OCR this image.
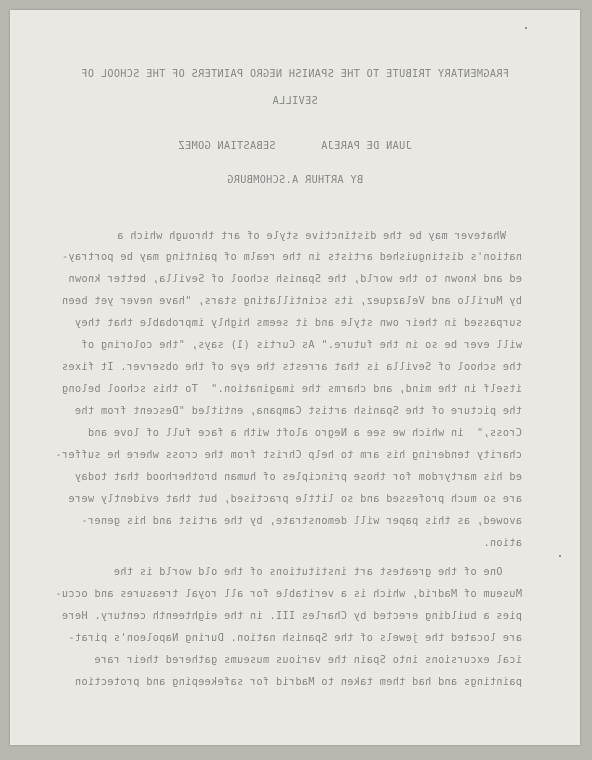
FRAGMENTARY TRIBUTE TO THE SPANISH NEGRO PAINTERS OF THE SCHOOL OF
SEVILLA
JUAN DE PAREJA       SEBASTIAN GOMEZ
BY ARTHUR A.SCHOMBURG
Whatever may be the distinctive style of art through which a
nation's distinguished artists in the realm of painting may be portray-
ed and known to the world, the Spanish school of Sevilla, better known
by Murillo and Velazquez, its scintillating stars, "have never yet been
surpassed in their own style and it seems highly improbable that they
will ever be so in the future." As Curtis (1) says, "the coloring of
the school of Sevilla is that arrests the eye of the observer. It fixes
itself in the mind, and charms the imagination."  To this school belong
the picture of the Spanish artist Campana, entitled "Descent from the
Cross,"  in which we see a Negro aloft with a face full of love and
charity tendering his arm to help Christ from the cross where he suffer-
ed his martyrdom for those principles of human brotherhood that today
are so much professed and so little practised, but that evidently were
avowed, as this paper will demonstrate, by the artist and his gener-
ation.
One of the greatest art institutions of the old world is the
Museum of Madrid, which is a veritable for all royal treasures and occu-
pies a building erected by Charles III. in the eighteenth century. Here
are located the jewels of the Spanish nation. During Napoleon's pirat-
ical excursions into Spain the various museums gathered their rare
paintings and had them taken to Madrid for safekeeping and protection
